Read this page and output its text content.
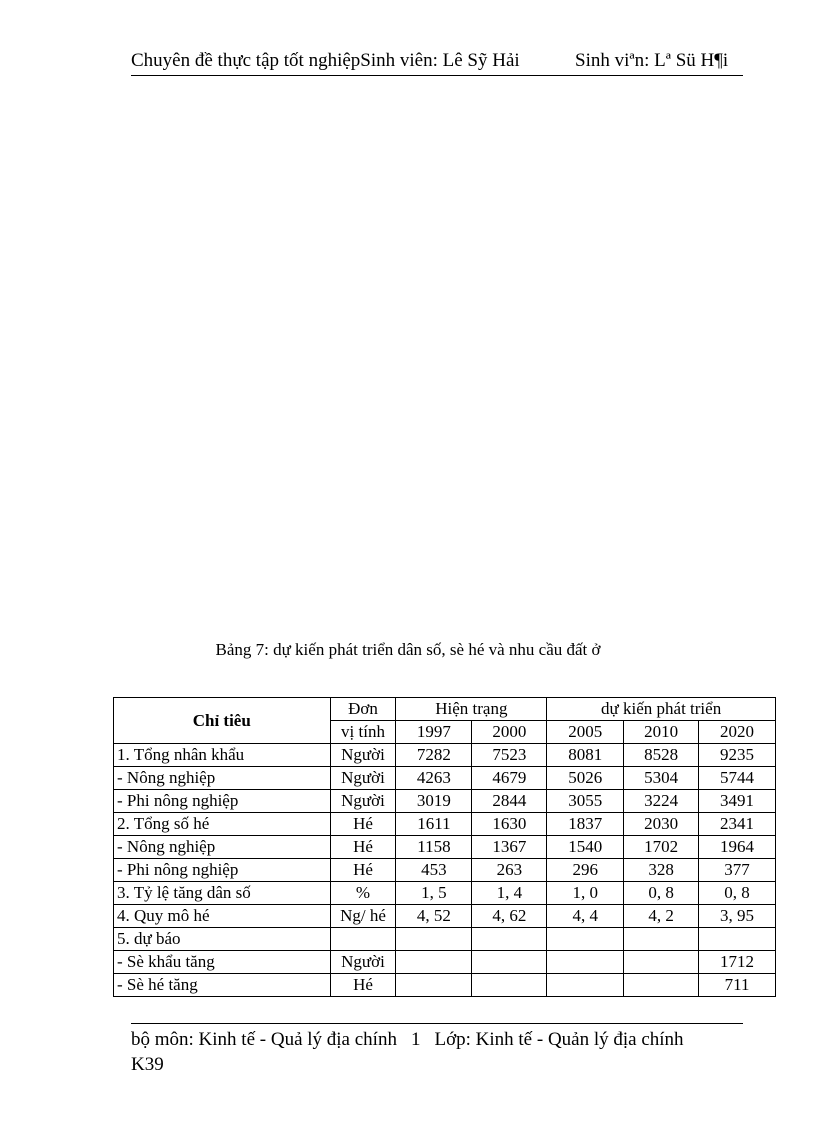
Chuyên đề thực tập tốt nghiệpSinh viên: Lê Sỹ Hải	Sinh viªn: Lª Sü H¶i
Bảng 7: dự kiến phát triển dân số, sè hé và nhu cầu đất ở
Chỉ tiêu	Đơn	Hiện trạng		dự kiến phát triển		
	vị tính	1997	2000	2005	2010	2020
1. Tổng nhân khẩu	Người	7282	7523	8081	8528	9235
- Nông nghiệp	Người	4263	4679	5026	5304	5744
- Phi nông nghiệp	Người	3019	2844	3055	3224	3491
2. Tổng số hé	Hé	1611	1630	1837	2030	2341
- Nông nghiệp	Hé	1158	1367	1540	1702	1964
- Phi nông nghiệp	Hé	453	263	296	328	377
3. Tỷ lệ tăng dân số	%	1, 5	1, 4	1, 0	0, 8	0, 8
4. Quy mô hé	Ng/ hé	4, 52	4, 62	4, 4	4, 2	3, 95
5. dự báo						
- Sè khẩu tăng	Người					1712
- Sè hé tăng	Hé					711
bộ môn: Kinh tế - Quả lý địa chính 1 Lớp: Kinh tế - Quản lý địa chính
K39
